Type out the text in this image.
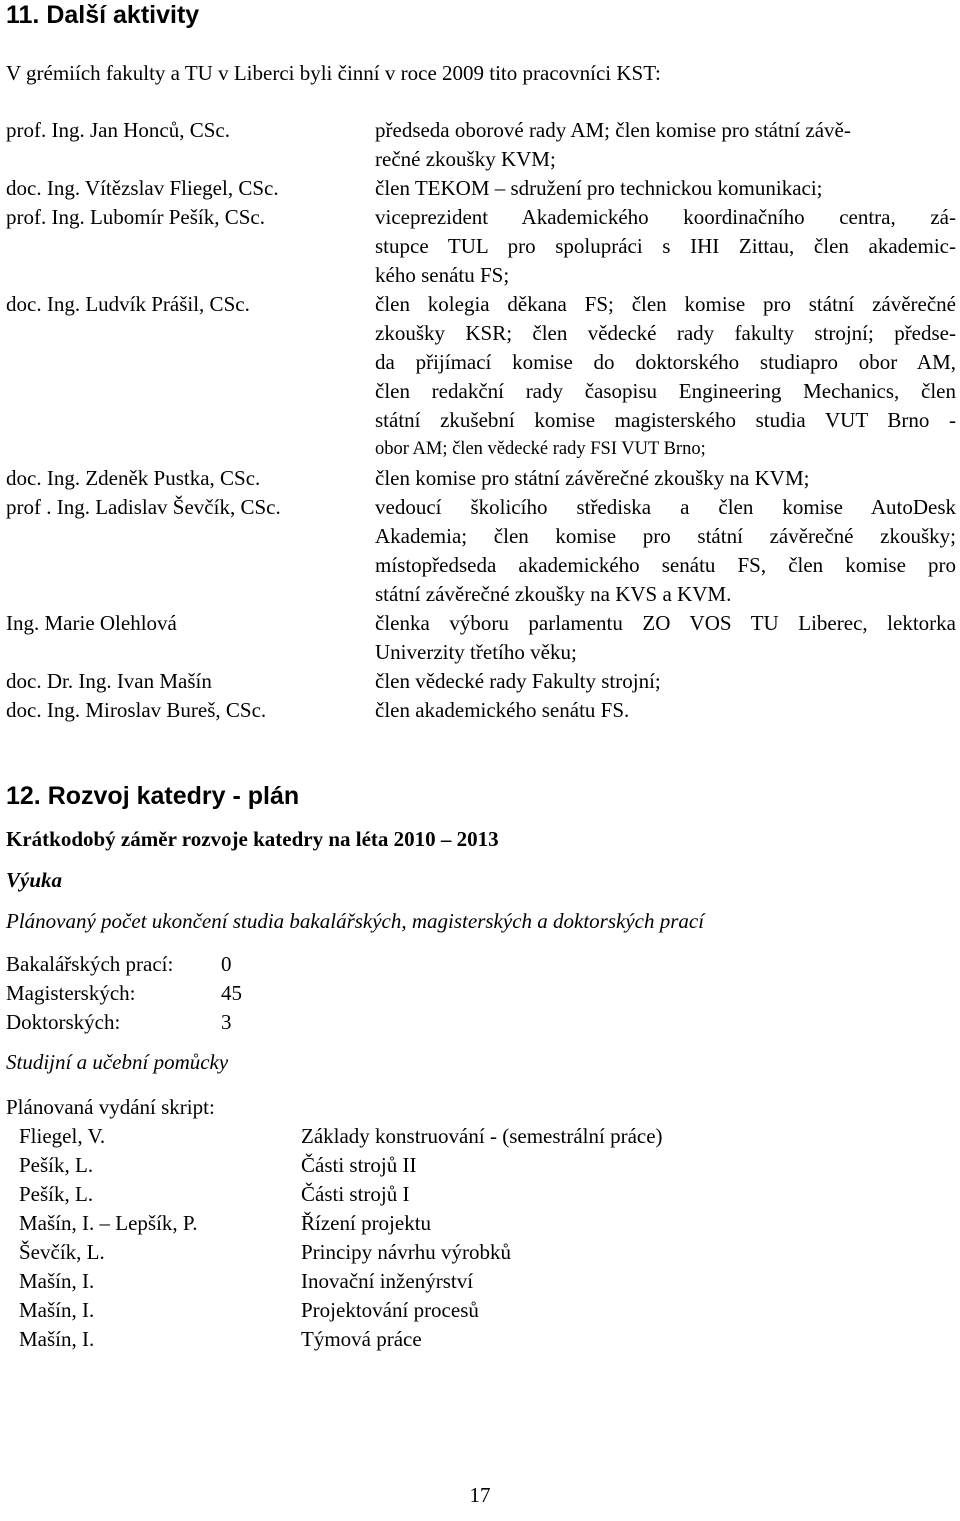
11. Další aktivity
V grémiích fakulty a TU v Liberci byli činní v roce 2009 tito pracovníci KST:
prof. Ing. Jan Honců, CSc.	předseda oborové rady AM; člen komise pro státní závě-
rečné zkoušky KVM;
doc. Ing. Vítězslav Fliegel, CSc.	člen TEKOM – sdružení pro technickou komunikaci;
prof. Ing. Lubomír Pešík, CSc.	viceprezident Akademického koordinačního centra, zá-
stupce TUL pro spolupráci s IHI Zittau, člen akademic-
kého senátu FS;
doc. Ing. Ludvík Prášil, CSc.	člen kolegia děkana FS; člen komise pro státní závěrečné
zkoušky KSR; člen vědecké rady fakulty strojní; předse-
da přijímací komise do doktorského studiapro obor AM,
člen redakční rady časopisu Engineering Mechanics, člen
státní zkušební komise magisterského studia VUT Brno -
obor AM; člen vědecké rady FSI VUT Brno;
doc. Ing. Zdeněk Pustka, CSc.	člen komise pro státní závěrečné zkoušky na KVM;
prof . Ing. Ladislav Ševčík, CSc.	vedoucí školicího střediska a člen komise AutoDesk
Akademia; člen komise pro státní závěrečné zkoušky;
místopředseda akademického senátu FS, člen komise pro
státní závěrečné zkoušky na KVS a KVM.
Ing. Marie Olehlová	členka výboru parlamentu ZO VOS TU Liberec, lektorka
Univerzity třetího věku;
doc. Dr. Ing. Ivan Mašín	člen vědecké rady Fakulty strojní;
doc. Ing. Miroslav Bureš, CSc.	člen akademického senátu FS.
12. Rozvoj katedry - plán
Krátkodobý záměr rozvoje katedry na léta 2010 – 2013
Výuka
Plánovaný počet ukončení studia bakalářských, magisterských a doktorských prací
Bakalářských prací:	0
Magisterských:	45
Doktorských:	3
Studijní a učební pomůcky
Plánovaná vydání skript:
Fliegel, V.	Základy konstruování - (semestrální práce)
Pešík, L.	Části strojů II
Pešík, L.	Části strojů I
Mašín, I. – Lepšík, P.	Řízení projektu
Ševčík, L.	Principy návrhu výrobků
Mašín, I.	Inovační inženýrství
Mašín, I.	Projektování procesů
Mašín, I.	Týmová práce
17
